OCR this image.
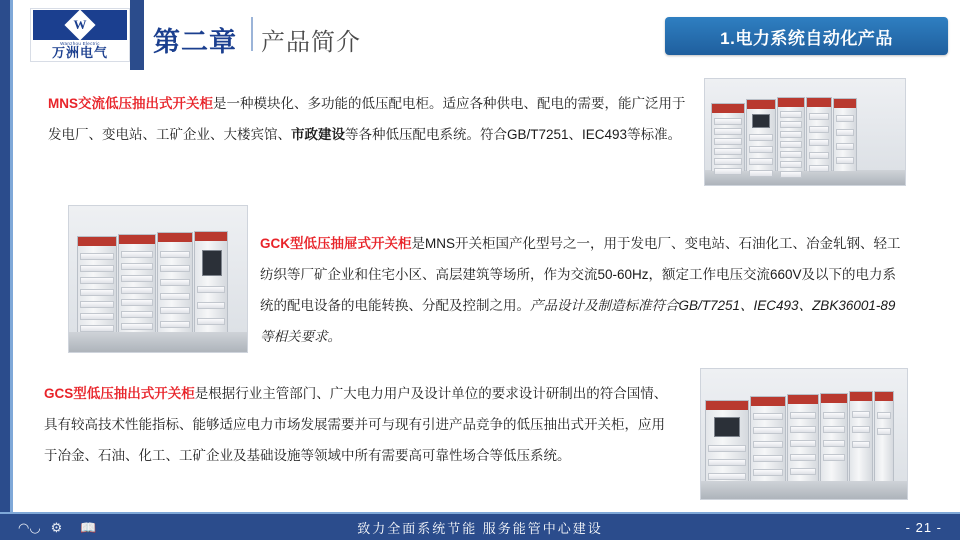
W
Wanzhou Electric
万洲电气 第二章 产品简介	1.电力系统自动化产品
MNS交流低压抽出式开关柜是一种模块化、多功能的低压配电柜。适应各种供电、配电的需要，能广泛用于发电厂、变电站、工矿企业、大楼宾馆、市政建设等各种低压配电系统。符合GB/T7251、IEC493等标准。
GCK型低压抽屉式开关柜是MNS开关柜国产化型号之一，用于发电厂、变电站、石油化工、冶金轧钢、轻工纺织等厂矿企业和住宅小区、高层建筑等场所，作为交流50-60Hz，额定工作电压交流660V及以下的电力系统的配电设备的电能转换、分配及控制之用。产品设计及制造标准符合GB/T7251、IEC493、ZBK36001-89等相关要求。
GCS型低压抽出式开关柜是根据行业主管部门、广大电力用户及设计单位的要求设计研制出的符合国情、具有较高技术性能指标、能够适应电力市场发展需要并可与现有引进产品竞争的低压抽出式开关柜，应用于冶金、石油、化工、工矿企业及基础设施等领域中所有需要高可靠性场合等低压系统。
◠◡ ⚙ 📖	致力全面系统节能 服务能管中心建设	- 21 -
